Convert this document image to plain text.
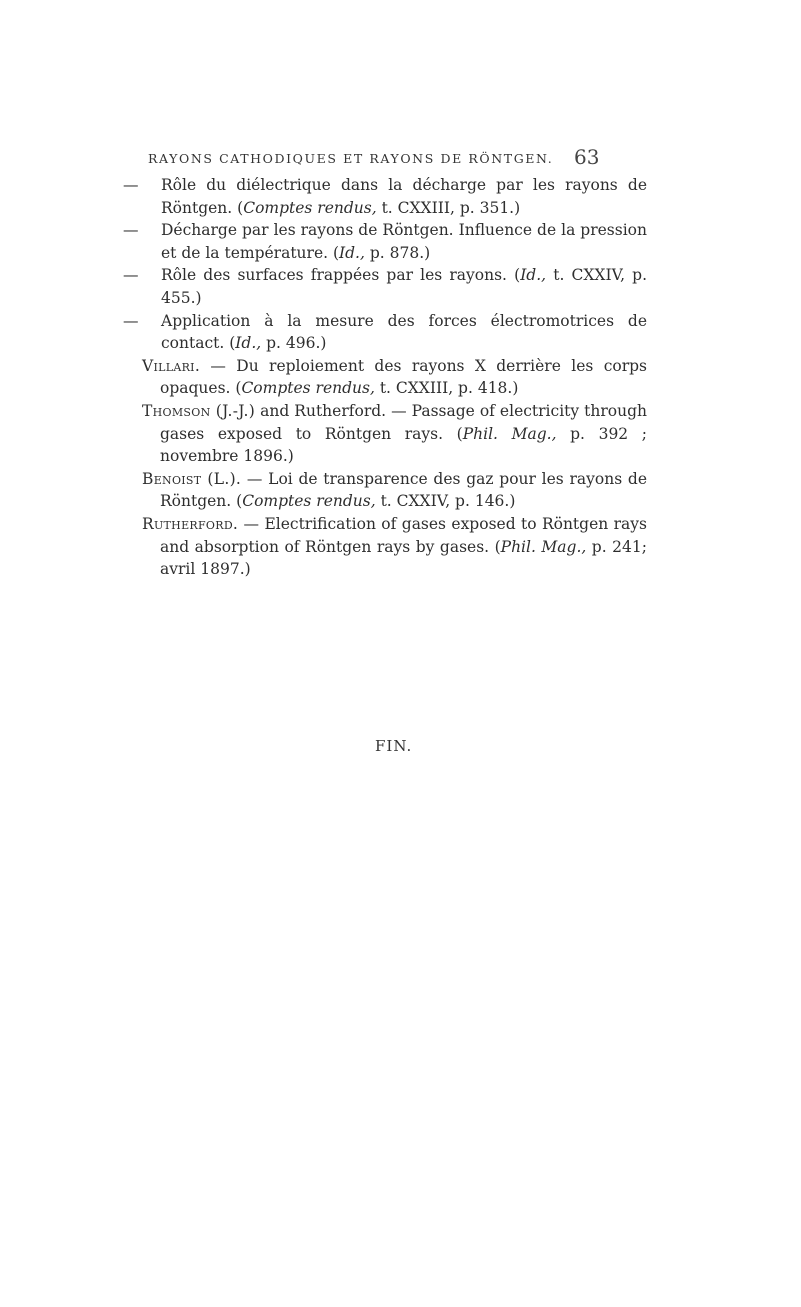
RAYONS CATHODIQUES ET RAYONS DE RÖNTGEN. 63

— Rôle du diélectrique dans la décharge par les rayons de Röntgen. (Comptes rendus, t. CXXIII, p. 351.)

— Décharge par les rayons de Röntgen. Influence de la pression et de la température. (Id., p. 878.)

— Rôle des surfaces frappées par les rayons. (Id., t. CXXIV, p. 455.)

— Application à la mesure des forces électromotrices de contact. (Id., p. 496.)

Villari. — Du reploiement des rayons X derrière les corps opaques. (Comptes rendus, t. CXXIII, p. 418.)

Thomson (J.-J.) and Rutherford. — Passage of electricity through gases exposed to Röntgen rays. (Phil. Mag., p. 392 ; novembre 1896.)

Benoist (L.). — Loi de transparence des gaz pour les rayons de Röntgen. (Comptes rendus, t. CXXIV, p. 146.)

Rutherford. — Electrification of gases exposed to Röntgen rays and absorption of Röntgen rays by gases. (Phil. Mag., p. 241; avril 1897.)

FIN.
